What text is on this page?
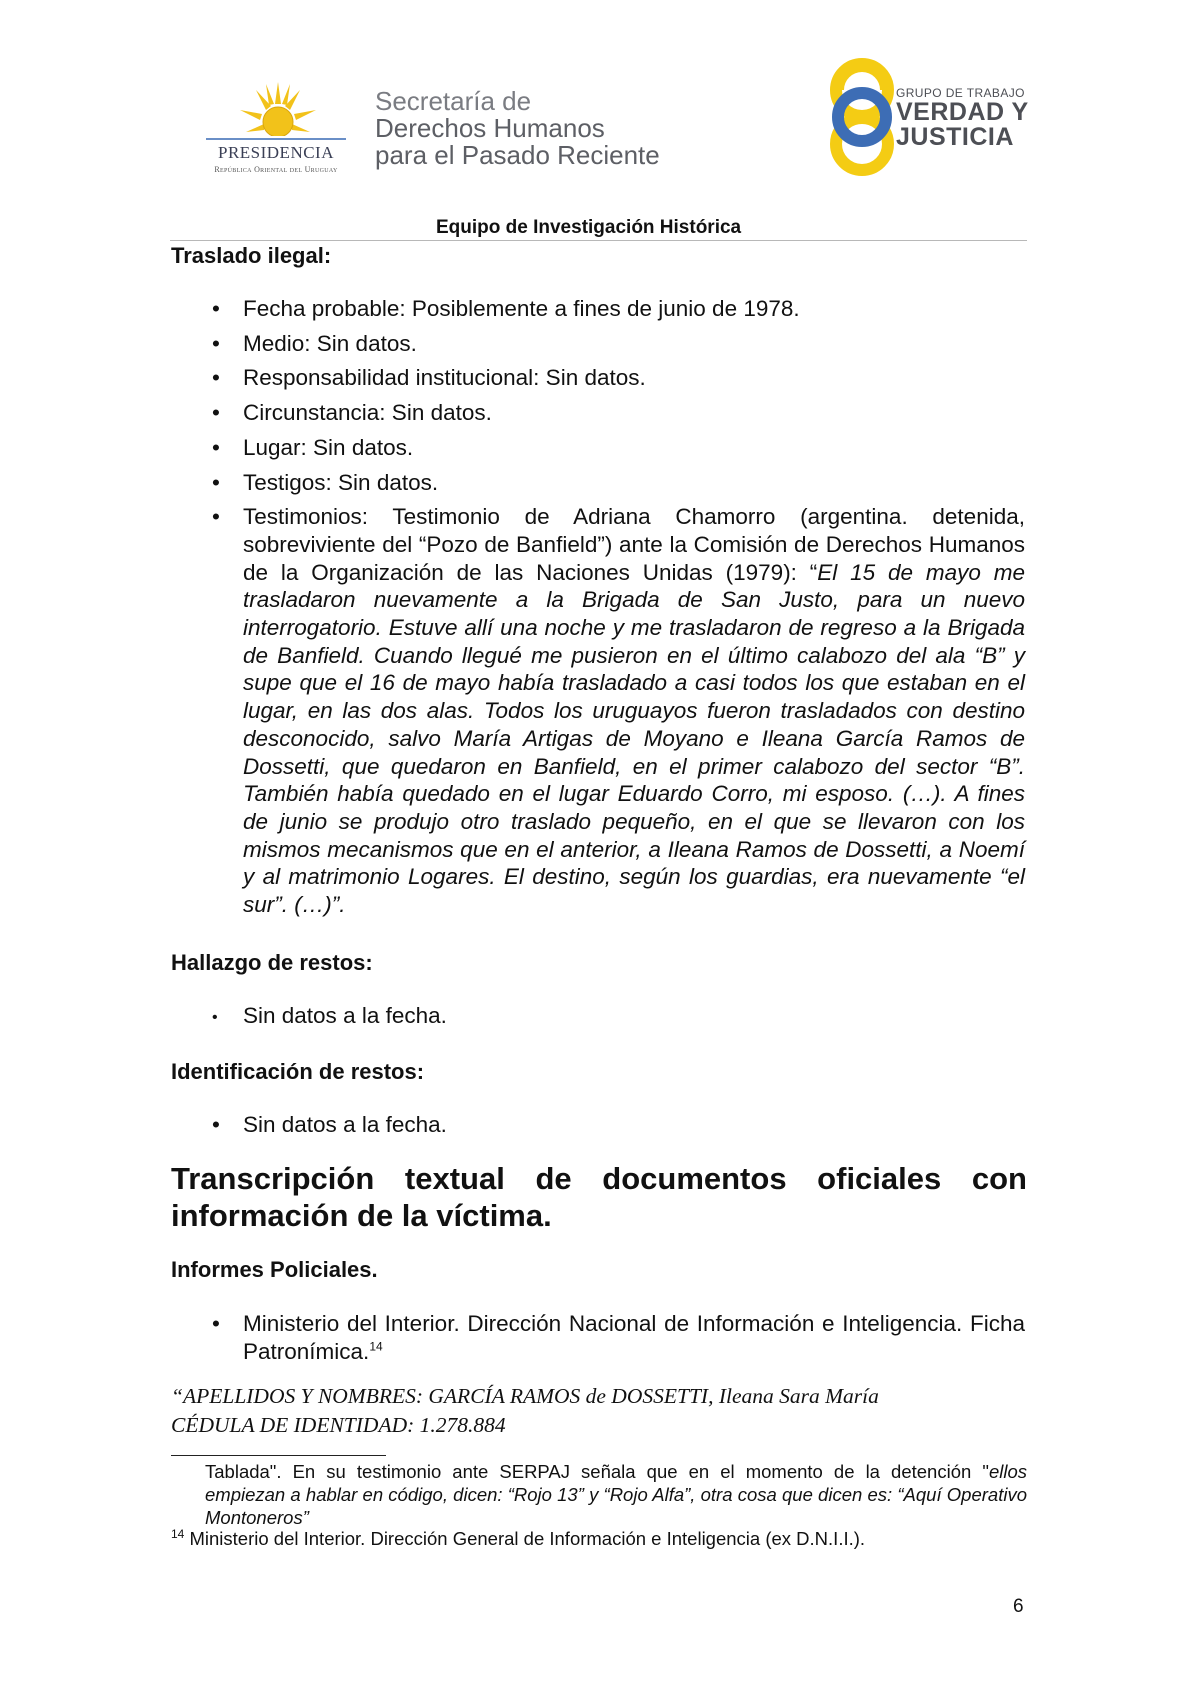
PRESIDENCIA
República Oriental del Uruguay
Secretaría de
Derechos Humanos
para el Pasado Reciente
GRUPO DE TRABAJO
VERDAD Y
JUSTICIA
Equipo de Investigación Histórica
Traslado ilegal:
• Fecha probable: Posiblemente a fines de junio de 1978.
• Medio: Sin datos.
• Responsabilidad institucional: Sin datos.
• Circunstancia: Sin datos.
• Lugar: Sin datos.
• Testigos: Sin datos.
• Testimonios: Testimonio de Adriana Chamorro (argentina. detenida, sobreviviente del “Pozo de Banfield”) ante la Comisión de Derechos Humanos de la Organización de las Naciones Unidas (1979): “El 15 de mayo me trasladaron nuevamente a la Brigada de San Justo, para un nuevo interrogatorio. Estuve allí una noche y me trasladaron de regreso a la Brigada de Banfield. Cuando llegué me pusieron en el último calabozo del ala “B” y supe que el 16 de mayo había trasladado a casi todos los que estaban en el lugar, en las dos alas. Todos los uruguayos fueron trasladados con destino desconocido, salvo María Artigas de Moyano e Ileana García Ramos de Dossetti, que quedaron en Banfield, en el primer calabozo del sector “B”. También había quedado en el lugar Eduardo Corro, mi esposo. (…). A fines de junio se produjo otro traslado pequeño, en el que se llevaron con los mismos mecanismos que en el anterior, a Ileana Ramos de Dossetti, a Noemí y al matrimonio Logares. El destino, según los guardias, era nuevamente “el sur”. (…)”.
Hallazgo de restos:
• Sin datos a la fecha.
Identificación de restos:
• Sin datos a la fecha.
Transcripción textual de documentos oficiales con
información de la víctima.
Informes Policiales.
• Ministerio del Interior. Dirección Nacional de Información e Inteligencia. Ficha Patronímica.$^{14}$
“APELLIDOS Y NOMBRES: GARCÍA RAMOS de DOSSETTI, Ileana Sara María
CÉDULA DE IDENTIDAD: 1.278.884
Tablada". En su testimonio ante SERPAJ señala que en el momento de la detención "ellos empiezan a hablar en código, dicen: “Rojo 13” y “Rojo Alfa”, otra cosa que dicen es: “Aquí Operativo Montoneros”
$^{14}$ Ministerio del Interior. Dirección General de Información e Inteligencia (ex D.N.I.I.).
6
